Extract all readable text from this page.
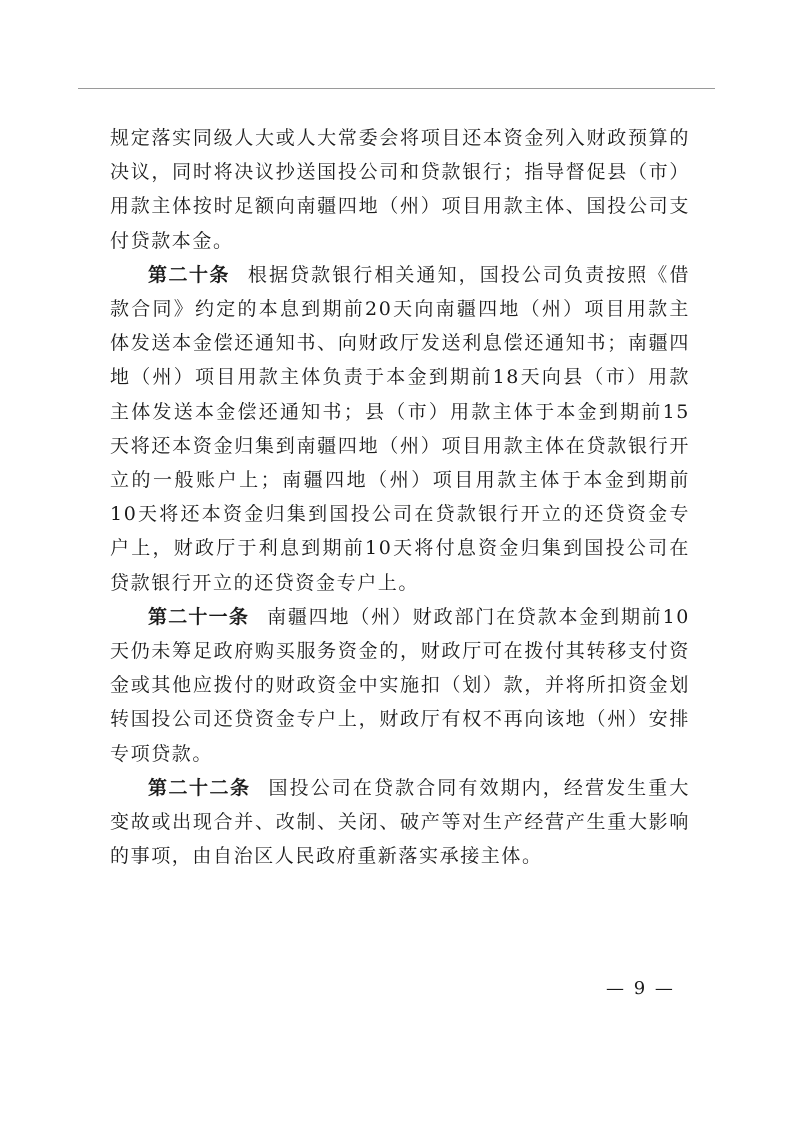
规定落实同级人大或人大常委会将项目还本资金列入财政预算的决议，同时将决议抄送国投公司和贷款银行；指导督促县（市）用款主体按时足额向南疆四地（州）项目用款主体、国投公司支付贷款本金。

第二十条 根据贷款银行相关通知，国投公司负责按照《借款合同》约定的本息到期前20天向南疆四地（州）项目用款主体发送本金偿还通知书、向财政厅发送利息偿还通知书；南疆四地（州）项目用款主体负责于本金到期前18天向县（市）用款主体发送本金偿还通知书；县（市）用款主体于本金到期前15天将还本资金归集到南疆四地（州）项目用款主体在贷款银行开立的一般账户上；南疆四地（州）项目用款主体于本金到期前10天将还本资金归集到国投公司在贷款银行开立的还贷资金专户上，财政厅于利息到期前10天将付息资金归集到国投公司在贷款银行开立的还贷资金专户上。

第二十一条 南疆四地（州）财政部门在贷款本金到期前10天仍未筹足政府购买服务资金的，财政厅可在拨付其转移支付资金或其他应拨付的财政资金中实施扣（划）款，并将所扣资金划转国投公司还贷资金专户上，财政厅有权不再向该地（州）安排专项贷款。

第二十二条 国投公司在贷款合同有效期内，经营发生重大变故或出现合并、改制、关闭、破产等对生产经营产生重大影响的事项，由自治区人民政府重新落实承接主体。

— 9 —
